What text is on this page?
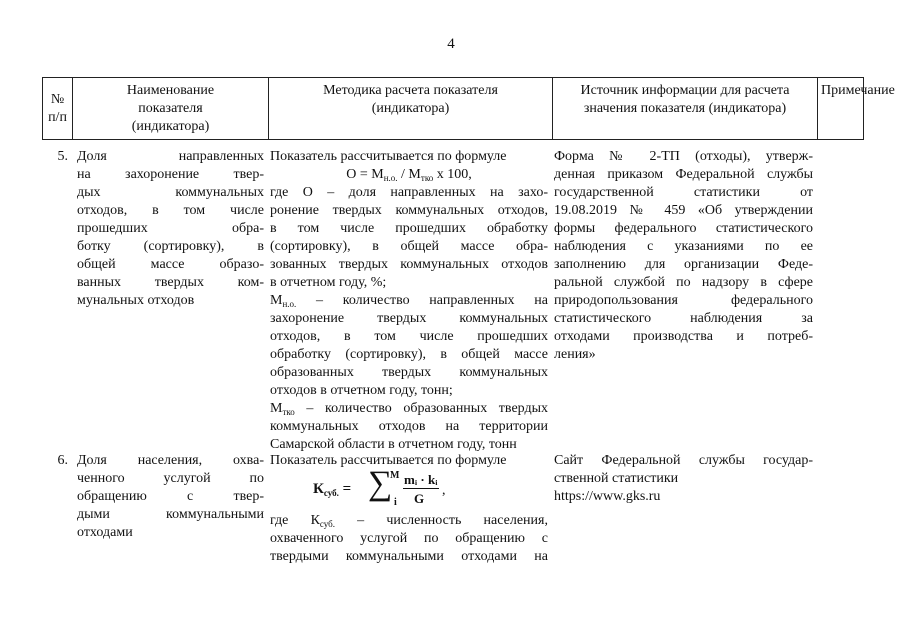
4
№ п/п
Наименование
показателя
(индикатора)
Методика расчета показателя
(индикатора)
Источник информации для расчета
значения показателя (индикатора)
Примечание
5. Доля направленных
на захоронение твер-
дых коммунальных
отходов, в том числе
прошедших обра-
ботку (сортировку), в
общей массе образо-
ванных твердых ком-
мунальных отходов
Показатель рассчитывается по формуле
$О = М_{н.о.} / М_{тко}$ х 100,
где О – доля направленных на захо-
ронение твердых коммунальных отходов,
в том числе прошедших обработку
(сортировку), в общей массе обра-
зованных твердых коммунальных отходов
в отчетном году, %;
$М_{н.о.}$ – количество направленных на
захоронение твердых коммунальных
отходов, в том числе прошедших
обработку (сортировку), в общей массе
образованных твердых коммунальных
отходов в отчетном году, тонн;
$М_{тко}$ – количество образованных твердых
коммунальных отходов на территории
Самарской области в отчетном году, тонн
Форма № 2-ТП (отходы), утверж-
денная приказом Федеральной службы
государственной статистики от
19.08.2019 № 459 «Об утверждении
формы федерального статистического
наблюдения с указаниями по ее
заполнению для организации Феде-
ральной службой по надзору в сфере
природопользования федерального
статистического наблюдения за
отходами производства и потреб-
ления»
6. Доля населения, охва-
ченного услугой по
обращению с твер-
дыми коммунальными
отходами
Показатель рассчитывается по формуле
$К_{суб.}$ = ∑
M
i
mᵢ · kᵢ
G
,
где $К_{суб.}$ – численность населения,
охваченного услугой по обращению с
твердыми коммунальными отходами на
Сайт Федеральной службы государ-
ственной статистики
https://www.gks.ru
